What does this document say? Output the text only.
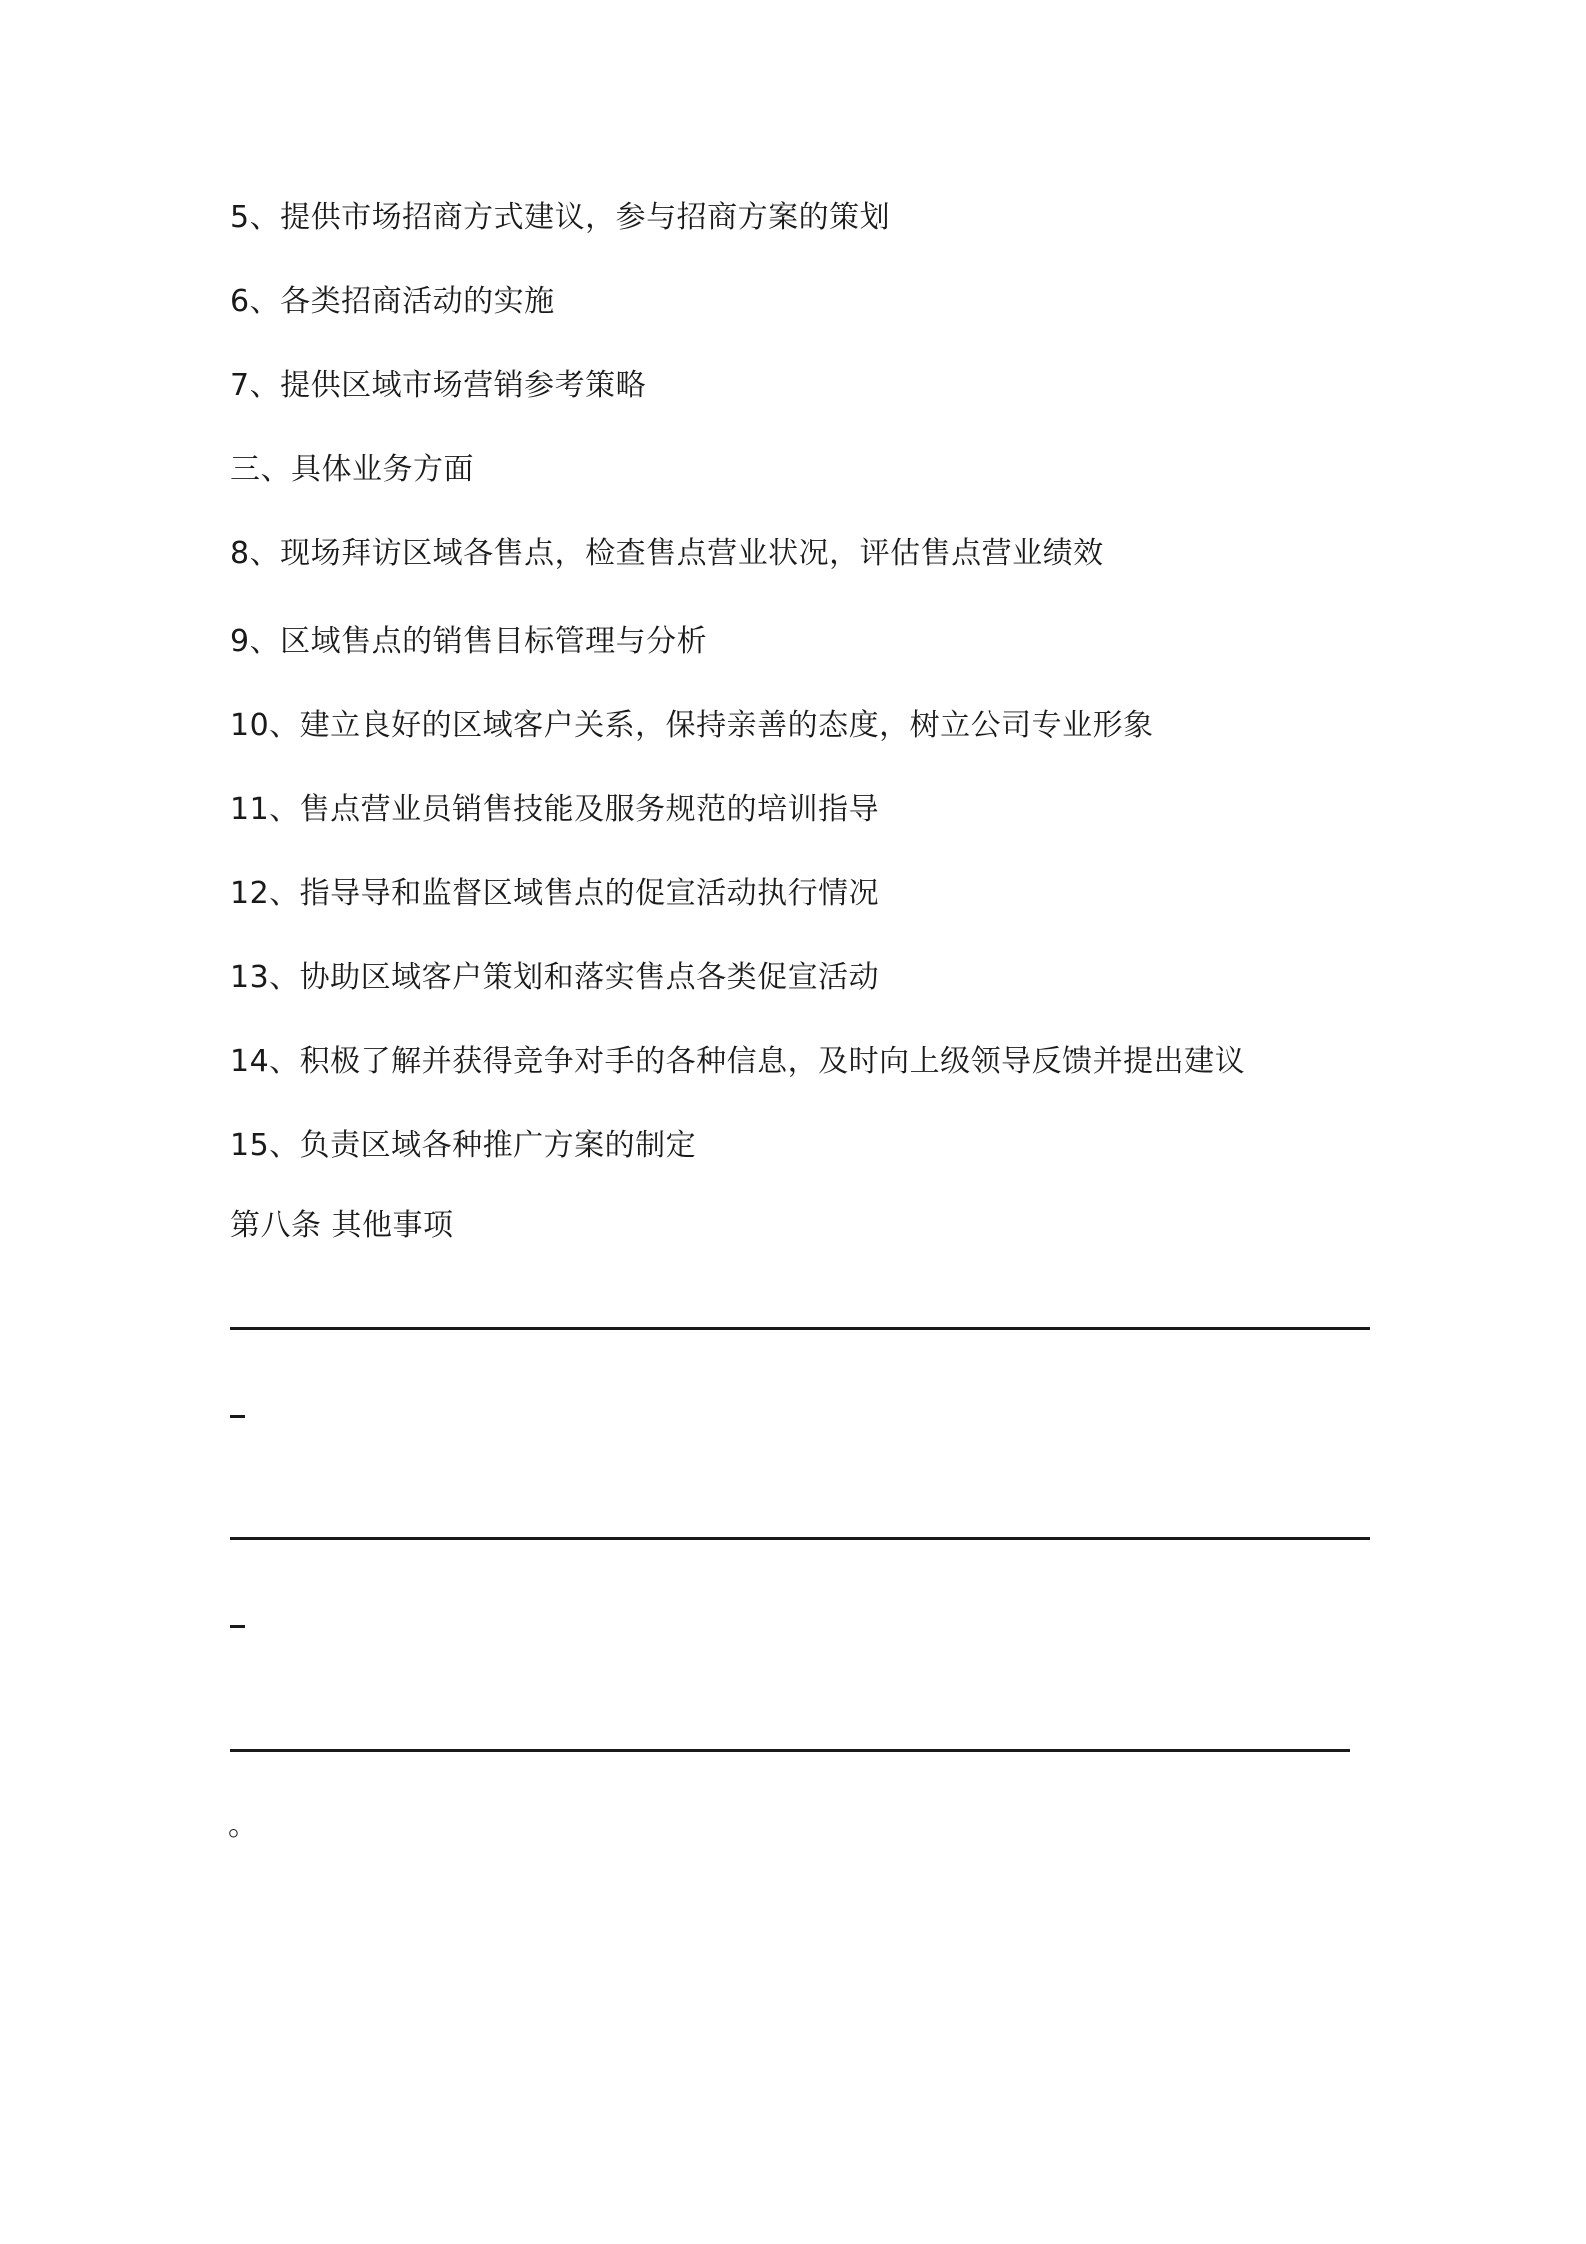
5、提供市场招商方式建议，参与招商方案的策划
6、各类招商活动的实施
7、提供区域市场营销参考策略
三、具体业务方面
8、现场拜访区域各售点，检查售点营业状况，评估售点营业绩效
9、区域售点的销售目标管理与分析
10、建立良好的区域客户关系，保持亲善的态度，树立公司专业形象
11、售点营业员销售技能及服务规范的培训指导
12、指导导和监督区域售点的促宣活动执行情况
13、协助区域客户策划和落实售点各类促宣活动
14、积极了解并获得竞争对手的各种信息，及时向上级领导反馈并提出建议
15、负责区域各种推广方案的制定
第八条 其他事项
。
